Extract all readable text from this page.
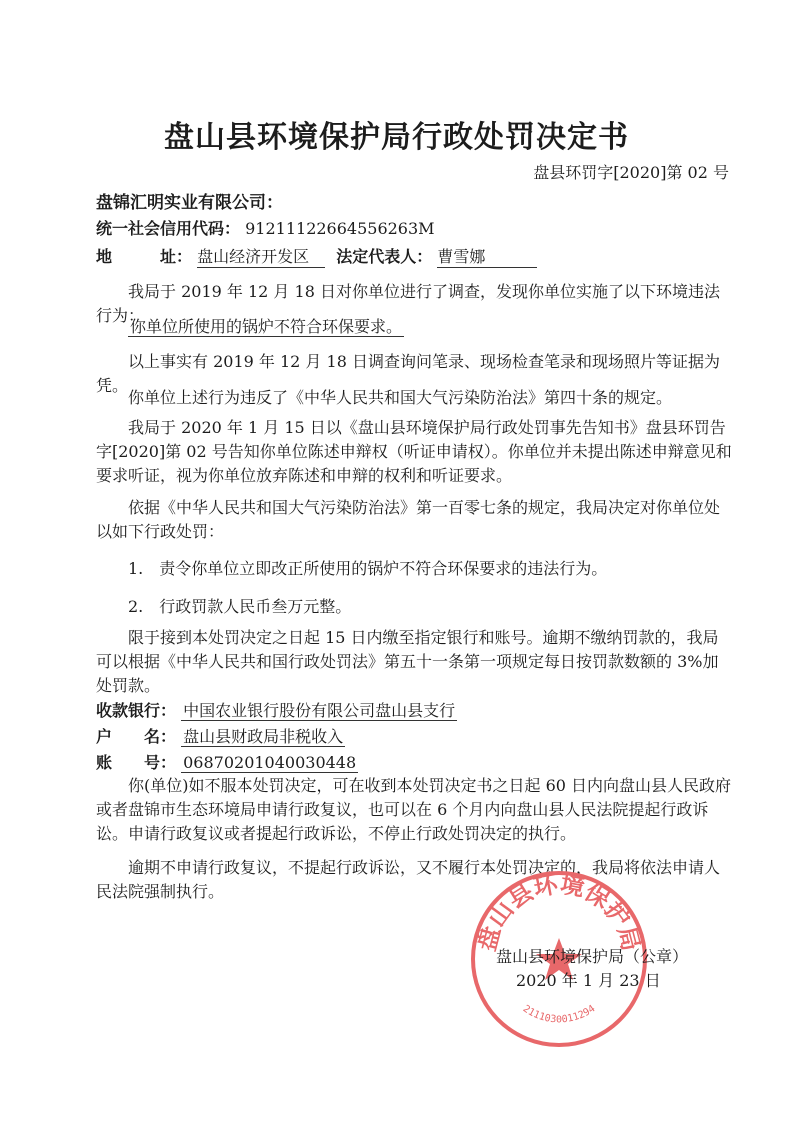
盘山县环境保护局行政处罚决定书
盘县环罚字[2020]第 02 号
盘锦汇明实业有限公司：
统一社会信用代码： 91211122664556263M
地　　　址： 盘山经济开发区 法定代表人： 曹雪娜
我局于 2019 年 12 月 18 日对你单位进行了调查，发现你单位实施了以下环境违法行为：
你单位所使用的锅炉不符合环保要求。
以上事实有 2019 年 12 月 18 日调查询问笔录、现场检查笔录和现场照片等证据为凭。
你单位上述行为违反了《中华人民共和国大气污染防治法》第四十条的规定。
我局于 2020 年 1 月 15 日以《盘山县环境保护局行政处罚事先告知书》盘县环罚告字[2020]第 02 号告知你单位陈述申辩权（听证申请权）。你单位并未提出陈述申辩意见和要求听证，视为你单位放弃陈述和申辩的权利和听证要求。
依据《中华人民共和国大气污染防治法》第一百零七条的规定，我局决定对你单位处以如下行政处罚：
1.　责令你单位立即改正所使用的锅炉不符合环保要求的违法行为。
2.　行政罚款人民币叁万元整。
限于接到本处罚决定之日起 15 日内缴至指定银行和账号。逾期不缴纳罚款的，我局可以根据《中华人民共和国行政处罚法》第五十一条第一项规定每日按罚款数额的 3%加处罚款。
收款银行： 中国农业银行股份有限公司盘山县支行
户　　名： 盘山县财政局非税收入
账　　号： 06870201040030448
你(单位)如不服本处罚决定，可在收到本处罚决定书之日起 60 日内向盘山县人民政府或者盘锦市生态环境局申请行政复议，也可以在 6 个月内向盘山县人民法院提起行政诉讼。申请行政复议或者提起行政诉讼，不停止行政处罚决定的执行。
逾期不申请行政复议，不提起行政诉讼，又不履行本处罚决定的，我局将依法申请人民法院强制执行。
盘山县环境保护局
2111030011294
盘山县环境保护局（公章）
2020 年 1 月 23 日
